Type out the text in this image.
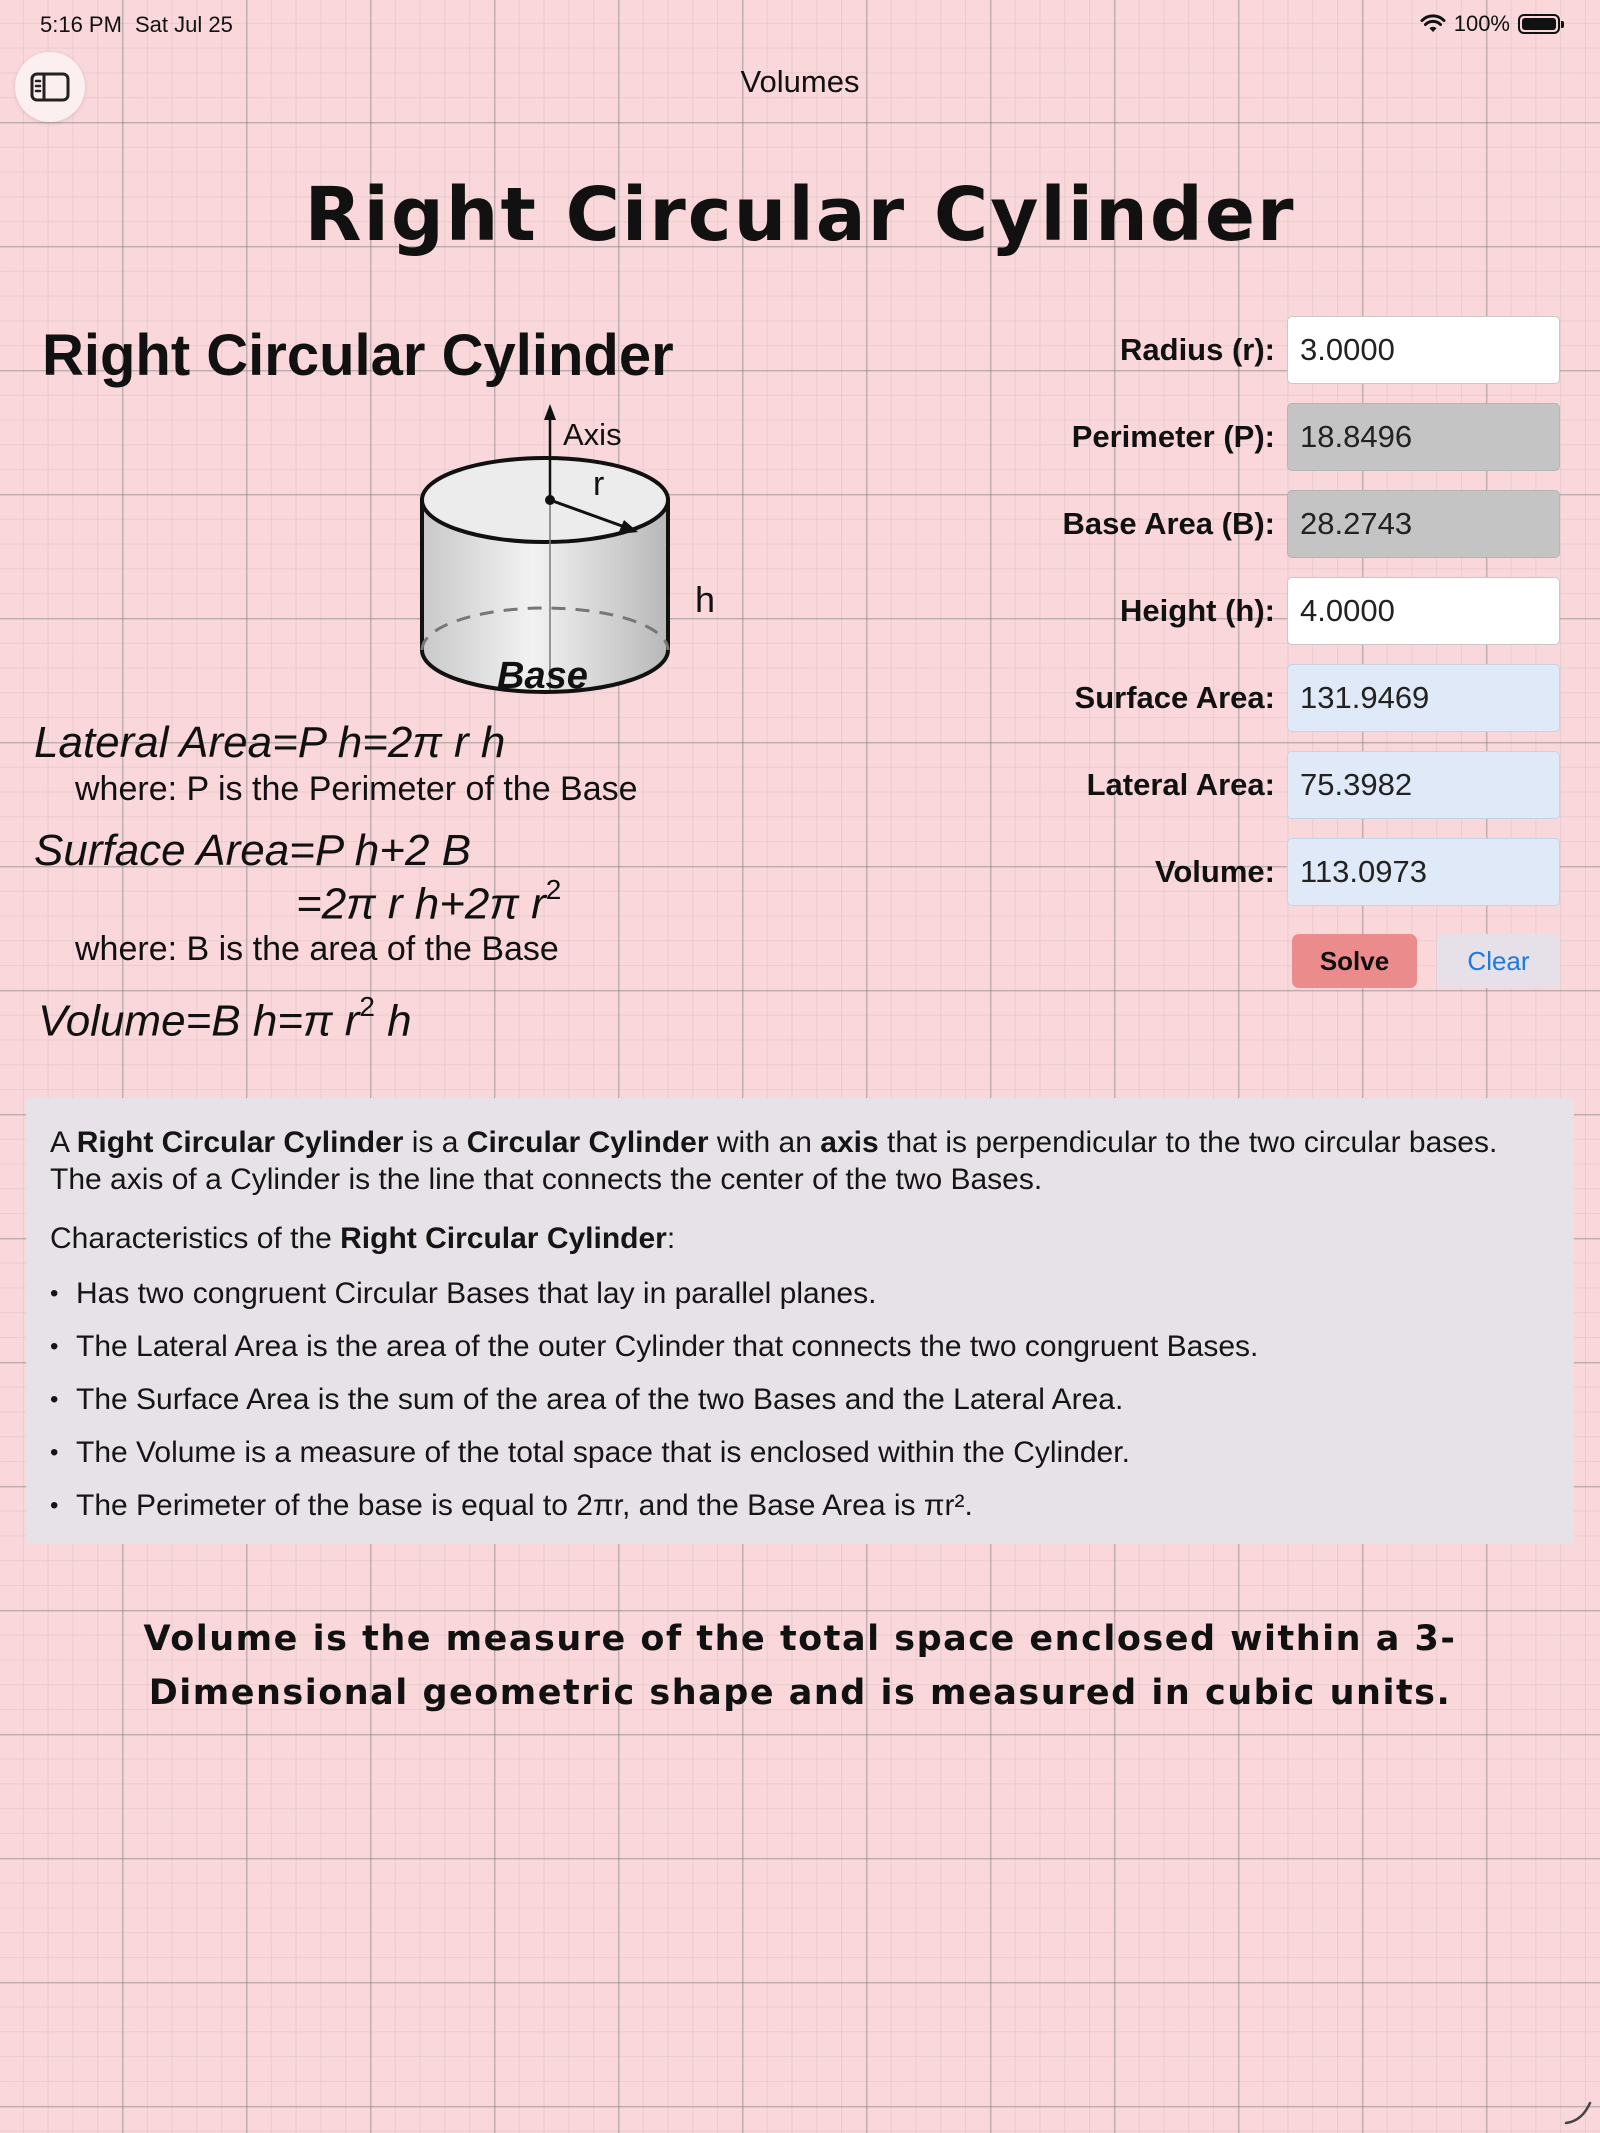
5:16 PM Sat Jul 25	100%
Volumes
Right Circular Cylinder
Right Circular Cylinder
Axis
r
h
Base
Lateral Area=P h=2π r h
where: P is the Perimeter of the Base
Surface Area=P h+2 B
=2π r h+2π $r^2$
where: B is the area of the Base
Volume=B h=π $r^2$ h
Radius (r):
3.0000
Perimeter (P):
18.8496
Base Area (B):
28.2743
Height (h):
4.0000
Surface Area:
131.9469
Lateral Area:
75.3982
Volume:
113.0973
Solve	Clear

A Right Circular Cylinder is a Circular Cylinder with an axis that is perpendicular to the two circular bases.
The axis of a Cylinder is the line that connects the center of the two Bases.

Characteristics of the Right Circular Cylinder:

• Has two congruent Circular Bases that lay in parallel planes.
• The Lateral Area is the area of the outer Cylinder that connects the two congruent Bases.
• The Surface Area is the sum of the area of the two Bases and the Lateral Area.
• The Volume is a measure of the total space that is enclosed within the Cylinder.
• The Perimeter of the base is equal to 2πr, and the Base Area is πr².
Volume is the measure of the total space enclosed within a 3-Dimensional geometric shape and is measured in cubic units.
